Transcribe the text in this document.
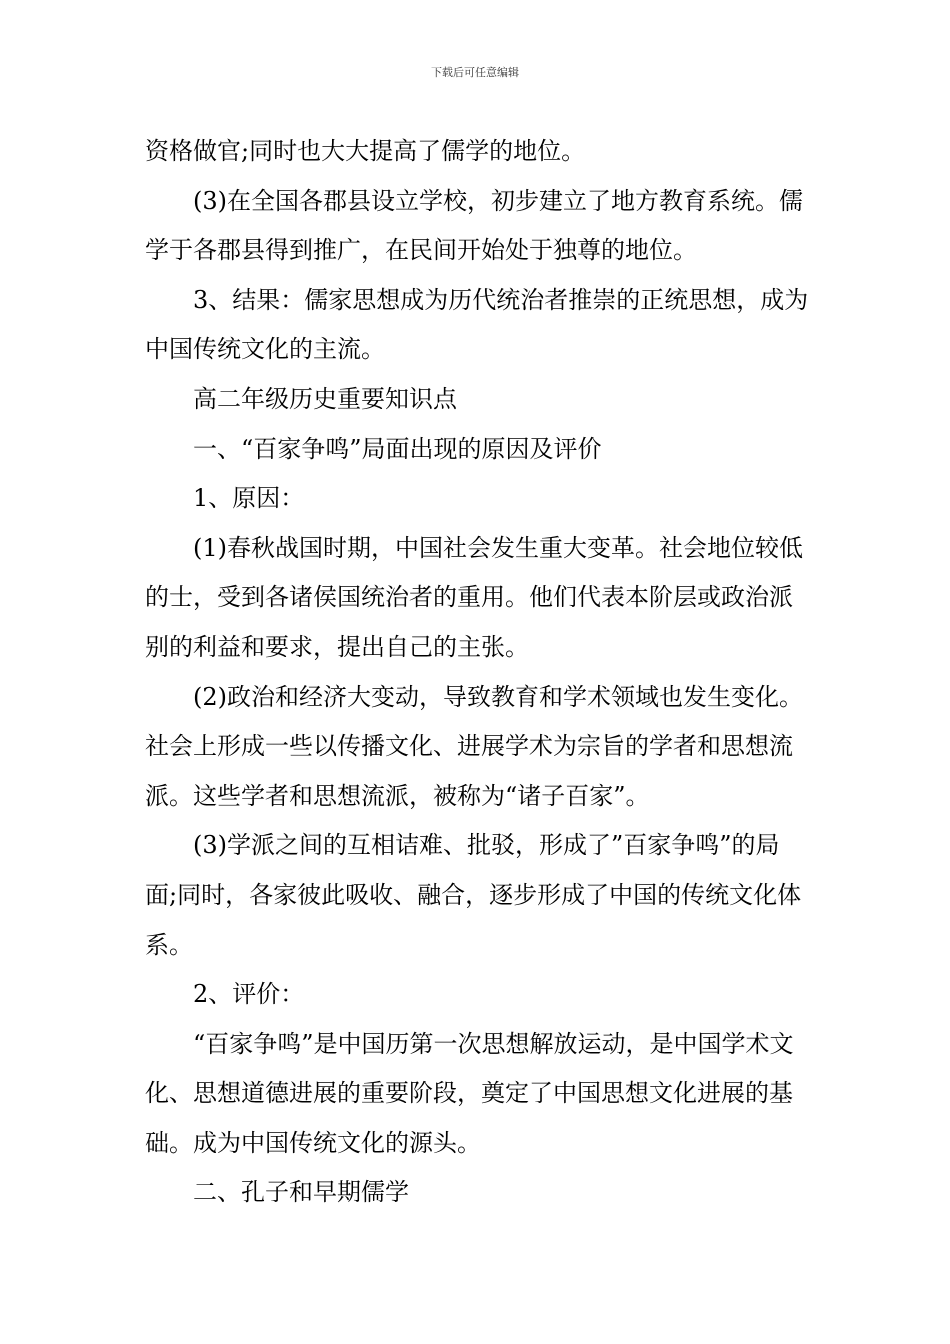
下载后可任意编辑

资格做官;同时也大大提高了儒学的地位。

(3)在全国各郡县设立学校，初步建立了地方教育系统。儒学于各郡县得到推广，在民间开始处于独尊的地位。

3、结果：儒家思想成为历代统治者推崇的正统思想，成为中国传统文化的主流。

高二年级历史重要知识点

一、“百家争鸣”局面出现的原因及评价

1、原因：

(1)春秋战国时期，中国社会发生重大变革。社会地位较低的士，受到各诸侯国统治者的重用。他们代表本阶层或政治派别的利益和要求，提出自己的主张。

(2)政治和经济大变动，导致教育和学术领域也发生变化。社会上形成一些以传播文化、进展学术为宗旨的学者和思想流派。这些学者和思想流派，被称为“诸子百家”。

(3)学派之间的互相诘难、批驳，形成了”百家争鸣”的局面;同时，各家彼此吸收、融合，逐步形成了中国的传统文化体系。

2、评价：

“百家争鸣”是中国历第一次思想解放运动，是中国学术文化、思想道德进展的重要阶段，奠定了中国思想文化进展的基础。成为中国传统文化的源头。

二、孔子和早期儒学
